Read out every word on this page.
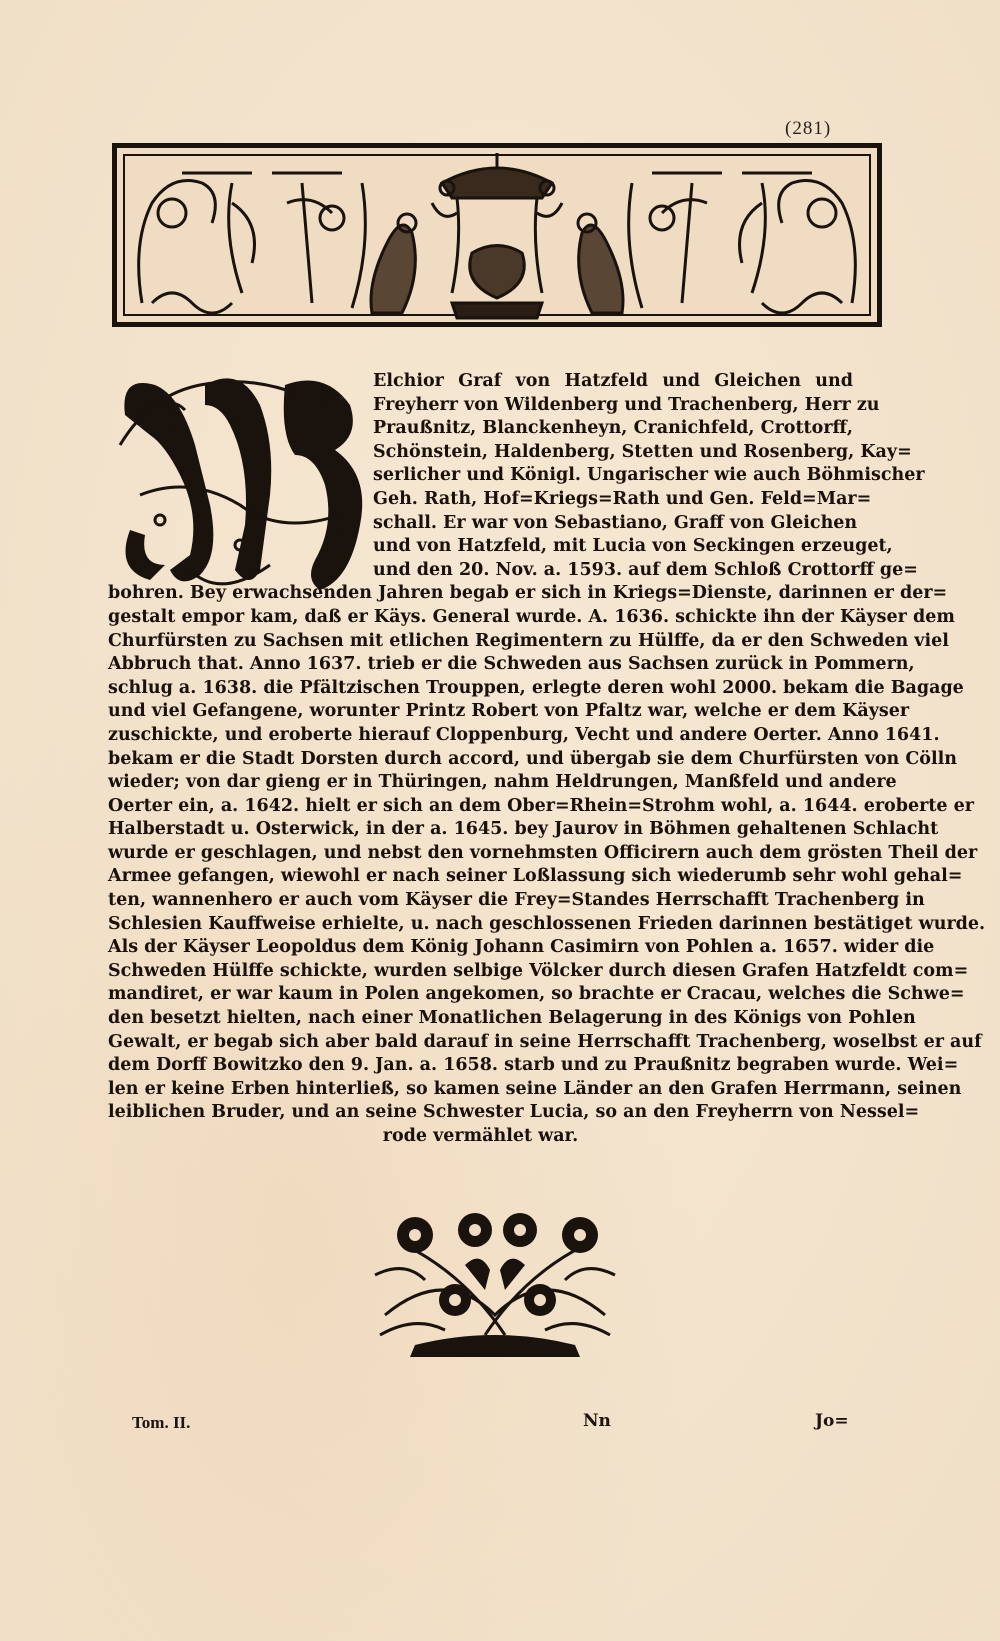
(281)
Elchior Graf von Hatzfeld und Gleichen und
Freyherr von Wildenberg und Trachenberg, Herr zu
Praußnitz, Blanckenheyn, Cranichfeld, Crottorff,
Schönstein, Haldenberg, Stetten und Rosenberg, Kay=
serlicher und Königl. Ungarischer wie auch Böhmischer
Geh. Rath, Hof=Kriegs=Rath und Gen. Feld=Mar=
schall. Er war von Sebastiano, Graff von Gleichen
und von Hatzfeld, mit Lucia von Seckingen erzeuget,
und den 20. Nov. a. 1593. auf dem Schloß Crottorff ge=
bohren. Bey erwachsenden Jahren begab er sich in Kriegs=Dienste, darinnen er der=
gestalt empor kam, daß er Käys. General wurde. A. 1636. schickte ihn der Käyser dem
Churfürsten zu Sachsen mit etlichen Regimentern zu Hülffe, da er den Schweden viel
Abbruch that. Anno 1637. trieb er die Schweden aus Sachsen zurück in Pommern,
schlug a. 1638. die Pfältzischen Trouppen, erlegte deren wohl 2000. bekam die Bagage
und viel Gefangene, worunter Printz Robert von Pfaltz war, welche er dem Käyser
zuschickte, und eroberte hierauf Cloppenburg, Vecht und andere Oerter. Anno 1641.
bekam er die Stadt Dorsten durch accord, und übergab sie dem Churfürsten von Cölln
wieder; von dar gieng er in Thüringen, nahm Heldrungen, Manßfeld und andere
Oerter ein, a. 1642. hielt er sich an dem Ober=Rhein=Strohm wohl, a. 1644. eroberte er
Halberstadt u. Osterwick, in der a. 1645. bey Jaurov in Böhmen gehaltenen Schlacht
wurde er geschlagen, und nebst den vornehmsten Officirern auch dem grösten Theil der
Armee gefangen, wiewohl er nach seiner Loßlassung sich wiederumb sehr wohl gehal=
ten, wannenhero er auch vom Käyser die Frey=Standes Herrschafft Trachenberg in
Schlesien Kauffweise erhielte, u. nach geschlossenen Frieden darinnen bestätiget wurde.
Als der Käyser Leopoldus dem König Johann Casimirn von Pohlen a. 1657. wider die
Schweden Hülffe schickte, wurden selbige Völcker durch diesen Grafen Hatzfeldt com=
mandiret, er war kaum in Polen angekomen, so brachte er Cracau, welches die Schwe=
den besetzt hielten, nach einer Monatlichen Belagerung in des Königs von Pohlen
Gewalt, er begab sich aber bald darauf in seine Herrschafft Trachenberg, woselbst er auf
dem Dorff Bowitzko den 9. Jan. a. 1658. starb und zu Praußnitz begraben wurde. Wei=
len er keine Erben hinterließ, so kamen seine Länder an den Grafen Herrmann, seinen
leiblichen Bruder, und an seine Schwester Lucia, so an den Freyherrn von Nessel=
rode vermählet war.
Tom. II.	Nn	Jo=
